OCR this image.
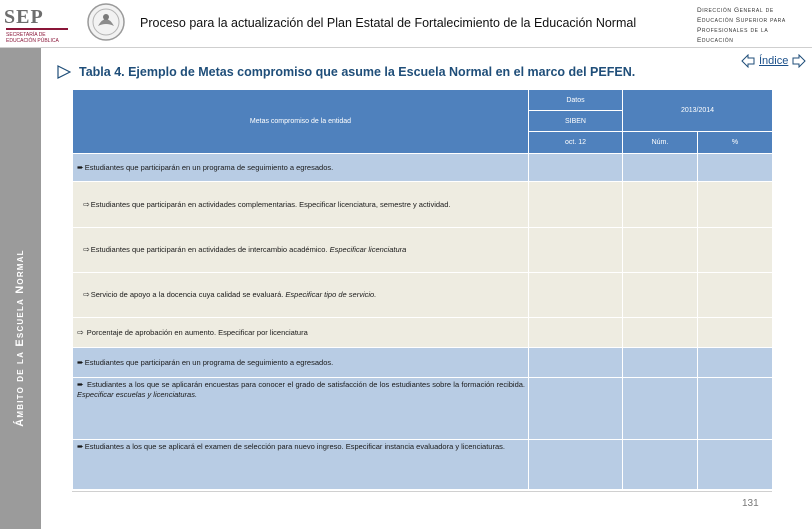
SEP
SECRETARÍA DE EDUCACIÓN PÚBLICA
Proceso para la actualización del Plan Estatal de Fortalecimiento de la Educación Normal
Dirección General de Educación Superior para Profesionales de la Educación
Ámbito de la Escuela Normal
Índice
Tabla 4. Ejemplo de Metas compromiso que asume la Escuela Normal en el marco del PEFEN.
Metas compromiso de la entidad	Datos	2013/2014	
	SIBEN		
	oct. 12	Núm.	%
➨Estudiantes que participarán en un programa de seguimiento a egresados.			
⇨Estudiantes que participarán en actividades complementarias. Especificar licenciatura, semestre y actividad.			
⇨Estudiantes que participarán en actividades de intercambio académico. Especificar licenciatura			
⇨Servicio de apoyo a la docencia cuya calidad se evaluará. Especificar tipo de servicio.			
⇨ Porcentaje de aprobación en aumento. Especificar por licenciatura			
➨Estudiantes que participarán en un programa de seguimiento a egresados.			
➨ Estudiantes a los que se aplicarán encuestas para conocer el grado de satisfacción de los estudiantes sobre la formación recibida. Especificar escuelas y licenciaturas.			
➨Estudiantes a los que se aplicará el examen de selección para nuevo ingreso. Especificar instancia evaluadora y licenciaturas.			
131
